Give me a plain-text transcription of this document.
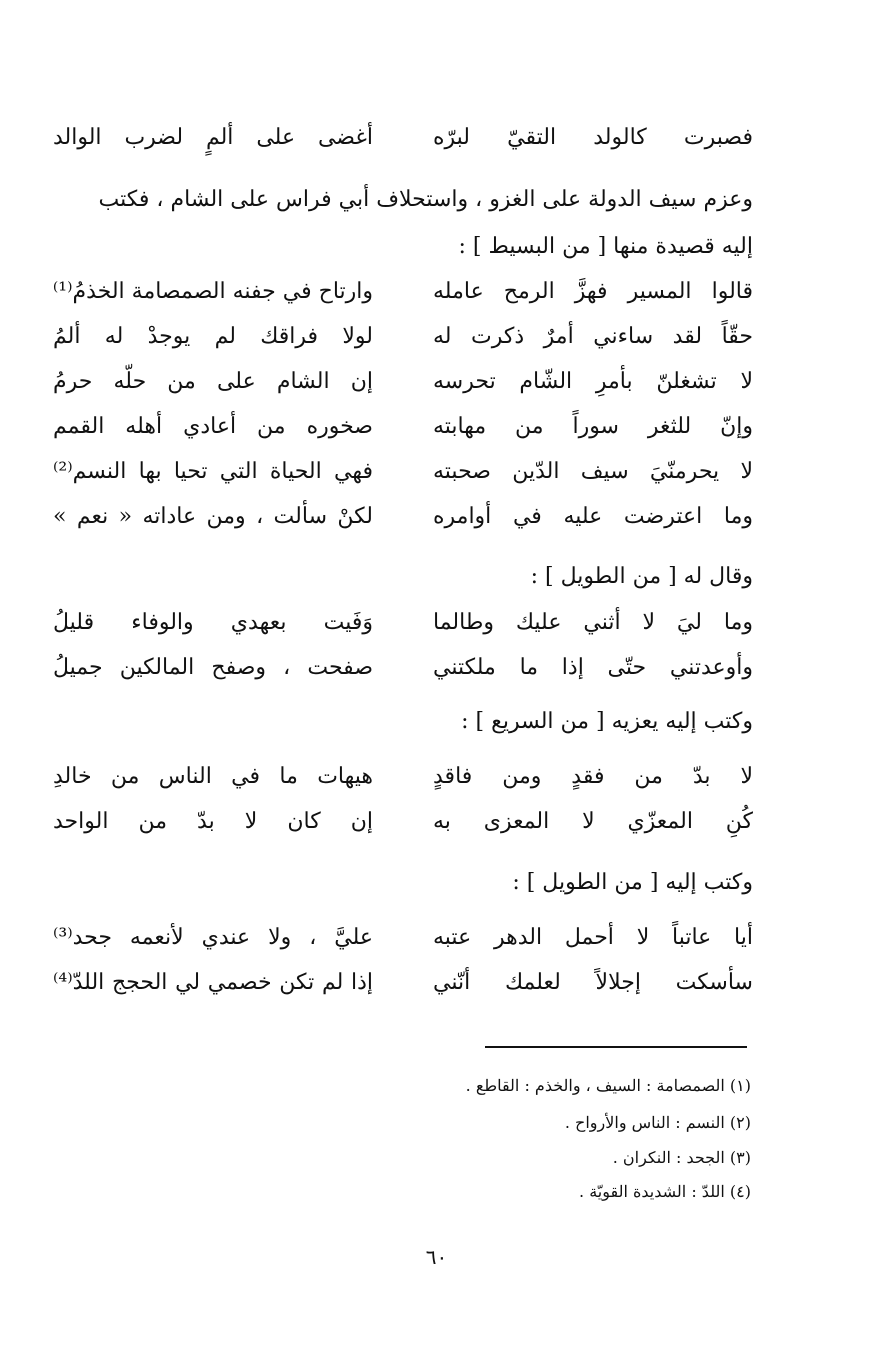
فصبرت كالولد التقيّ لبرّه
أغضى على ألمٍ لضرب الوالد
وعزم سيف الدولة على الغزو ، واستحلاف أبي فراس على الشام ، فكتب
إليه قصيدة منها [ من البسيط ] :
قالوا المسير فهزَّ الرمح عامله
وارتاح في جفنه الصمصامة الخذمُ⁽¹⁾
حقّاً لقد ساءني أمرٌ ذكرت له
لولا فراقك لم يوجدْ له ألمُ
لا تشغلنّ بأمرِ الشّام تحرسه
إن الشام على من حلّه حرمُ
وإنّ للثغر سوراً من مهابته
صخوره من أعادي أهله القمم
لا يحرمنّيَ سيف الدّين صحبته
فهي الحياة التي تحيا بها النسم⁽²⁾
وما اعترضت عليه في أوامره
لكنْ سألت ، ومن عاداته « نعم »
وقال له [ من الطويل ] :
وما ليَ لا أثني عليك وطالما
وَفَيت بعهدي والوفاء قليلُ
وأوعدتني حتّى إذا ما ملكتني
صفحت ، وصفح المالكين جميلُ
وكتب إليه يعزيه [ من السريع ] :
لا بدّ من فقدٍ ومن فاقدٍ
هيهات ما في الناس من خالدِ
كُنِ المعزّي لا المعزى به
إن كان لا بدّ من الواحد
وكتب إليه [ من الطويل ] :
أيا عاتباً لا أحمل الدهر عتبه
عليَّ ، ولا عندي لأنعمه جحد⁽³⁾
سأسكت إجلالاً لعلمك أنّني
إذا لم تكن خصمي لي الحجج اللدّ⁽⁴⁾
(١) الصمصامة : السيف ، والخذم : القاطع .
(٢) النسم : الناس والأرواح .
(٣) الجحد : النكران .
(٤) اللدّ : الشديدة القويّة .
٦٠
